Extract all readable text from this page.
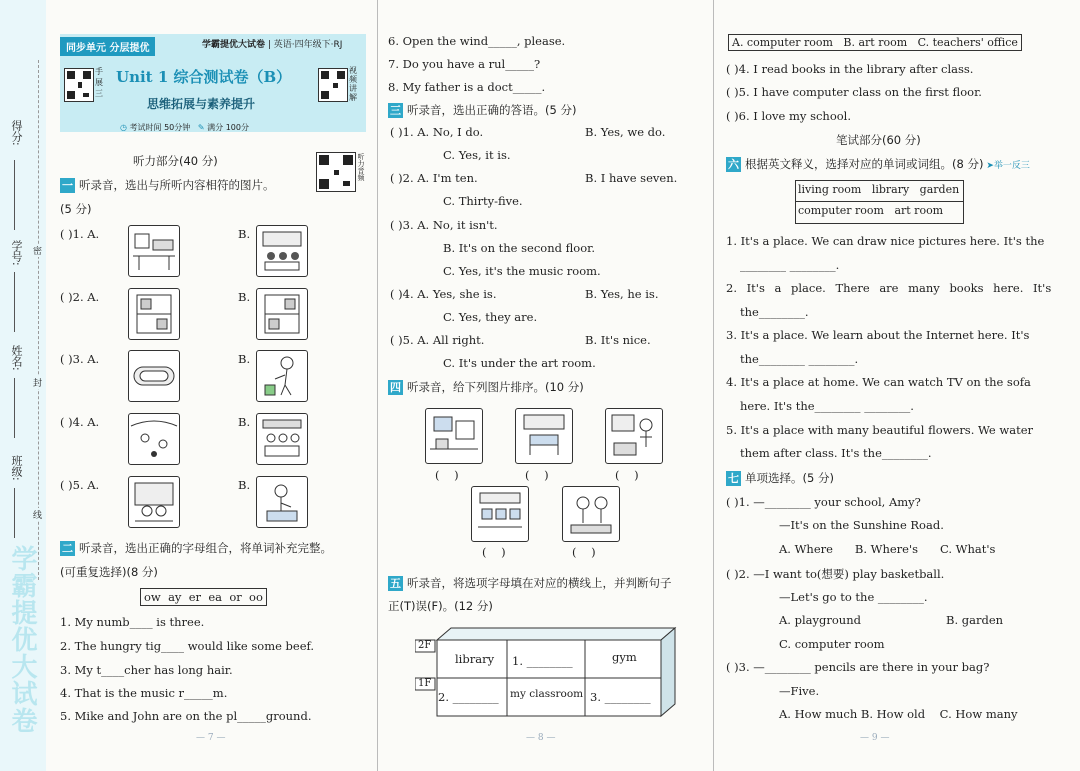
得分:
学号:
姓名:
班级:
密
封
线
学霸提优大试卷
同步单元 分层提优	学霸提优大试卷 | 英语·四年级下·RJ
手 展 三
Unit 1 综合测试卷（B）
思维拓展与素养提升
视频讲解
◷ 考试时间 50分钟 ✎ 满分 100分
听力部分(40 分)	听力音频
一 听录音，选出与所听内容相符的图片。
(5 分)
( )1. A.	B.
( )2. A.	B.
( )3. A.	B.
( )4. A.	B.
( )5. A.	B.
二 听录音，选出正确的字母组合，将单词补充完整。
(可重复选择)(8 分)
ow  ay  er  ea  or  oo
1. My numb____ is three.
2. The hungry tig____ would like some beef.
3. My t____cher has long hair.
4. That is the music r_____m.
5. Mike and John are on the pl_____ground.
— 7 —
6. Open the wind_____, please.
7. Do you have a rul_____?
8. My father is a doct_____.
三 听录音，选出正确的答语。(5 分)
( )1. A. No, I do.	B. Yes, we do.
C. Yes, it is.
( )2. A. I'm ten.	B. I have seven.
C. Thirty-five.
( )3. A. No, it isn't.
B. It's on the second floor.
C. Yes, it's the music room.
( )4. A. Yes, she is.	B. Yes, he is.
C. Yes, they are.
( )5. A. All right.	B. It's nice.
C. It's under the art room.
四 听录音，给下列图片排序。(10 分)
(    )	(    )	(    )
(    )	(    )
五 听录音，将选项字母填在对应的横线上，并判断句子
正(T)误(F)。(12 分)
2F
1F
library 1. ________	gym
2. ________ my classroom 3. ________
— 8 —
A. computer room   B. art room   C. teachers' office
( )4. I read books in the library after class.
( )5. I have computer class on the first floor.
( )6. I love my school.
笔试部分(60 分)
六 根据英文释义，选择对应的单词或词组。(8 分) ➤举一反三
living room   library   garden
computer room   art room
1. It's a place. We can draw nice pictures here. It's the
________ ________.
2. It's a place. There are many books here. It's
the________.
3. It's a place. We learn about the Internet here. It's
the________ ________.
4. It's a place at home. We can watch TV on the sofa
here. It's the________ ________.
5. It's a place with many beautiful flowers. We water
them after class. It's the________.
七 单项选择。(5 分)
( )1. —________ your school, Amy?
—It's on the Sunshine Road.
A. Where      B. Where's      C. What's
( )2. —I want to(想要) play basketball.
—Let's go to the ________.
A. playground	B. garden
C. computer room
( )3. —________ pencils are there in your bag?
—Five.
A. How much B. How old    C. How many
— 9 —
